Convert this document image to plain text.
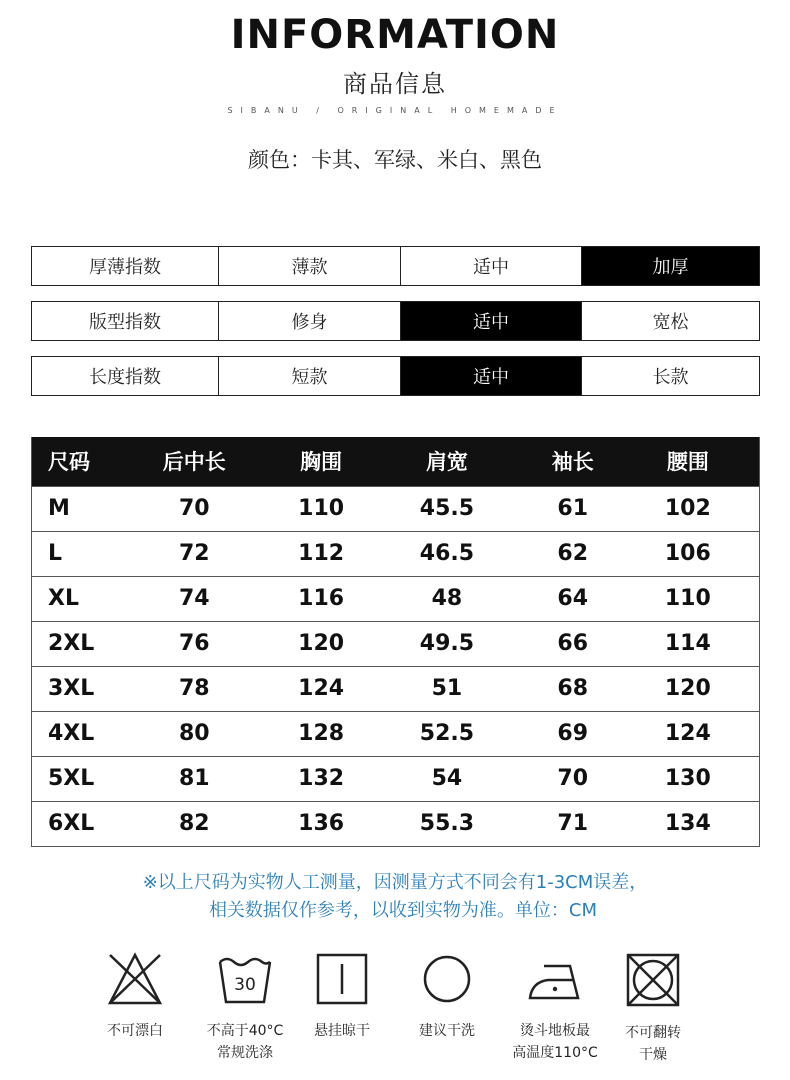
INFORMATION
商品信息
SIBANU / ORIGINAL HOMEMADE
颜色：卡其、军绿、米白、黑色
厚薄指数	薄款	适中	加厚
版型指数	修身	适中	宽松
长度指数	短款	适中	长款
尺码	后中长	胸围	肩宽	袖长	腰围
M	70	110	45.5	61	102
L	72	112	46.5	62	106
XL	74	116	48	64	110
2XL	76	120	49.5	66	114
3XL	78	124	51	68	120
4XL	80	128	52.5	69	124
5XL	81	132	54	70	130
6XL	82	136	55.3	71	134
※以上尺码为实物人工测量，因测量方式不同会有1-3CM误差，
相关数据仅作参考，以收到实物为准。单位：CM
不可漂白
30
不高于40°C
常规洗涤
悬挂晾干	建议干洗	烫斗地板最
高温度110°C
不可翻转
干燥
